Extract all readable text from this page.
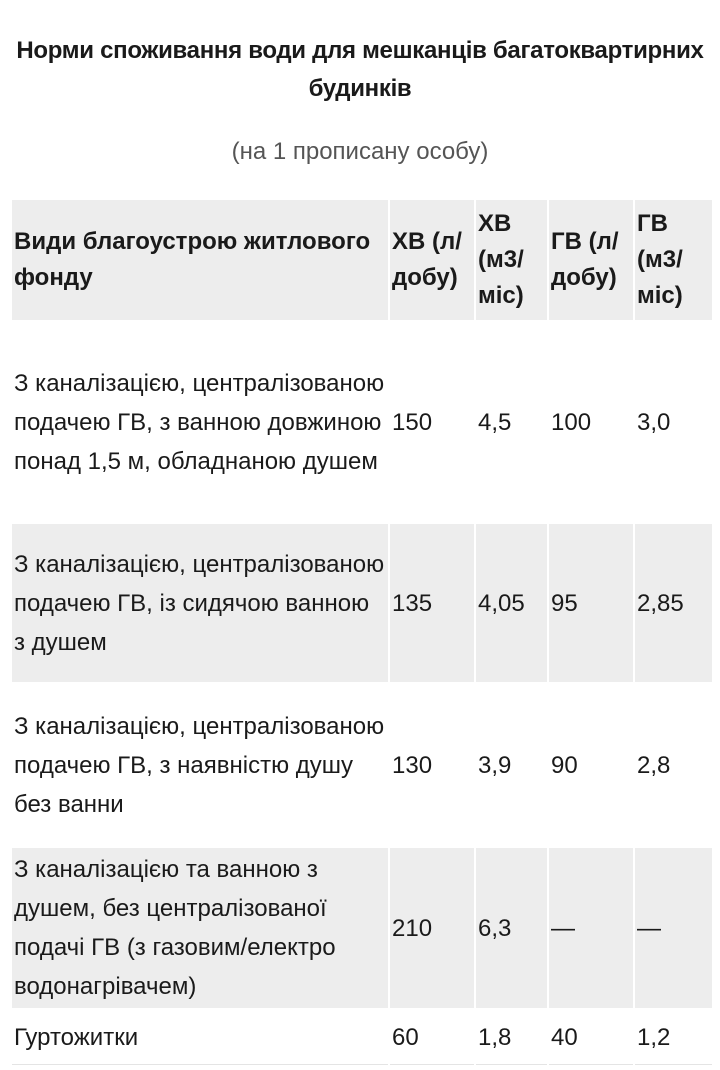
Норми споживання води для мешканців багатоквартирних будинків
(на 1 прописану особу)
Види благоустрою житлового фонду	ХВ (л/добу)	ХВ (м3/міс)	ГВ (л/добу)	ГВ (м3/міс)
З каналізацією, централізованою подачею ГВ, з ванною довжиною понад 1,5 м, обладнаною душем	150	4,5	100	3,0
З каналізацією, централізованою подачею ГВ, із сидячою ванною з душем	135	4,05	95	2,85
З каналізацією, централізованою подачею ГВ, з наявністю душу без ванни	130	3,9	90	2,8
З каналізацією та ванною з душем, без централізованої подачі ГВ (з газовим/електро водонагрівачем)	210	6,3	—	—
Гуртожитки	60	1,8	40	1,2
